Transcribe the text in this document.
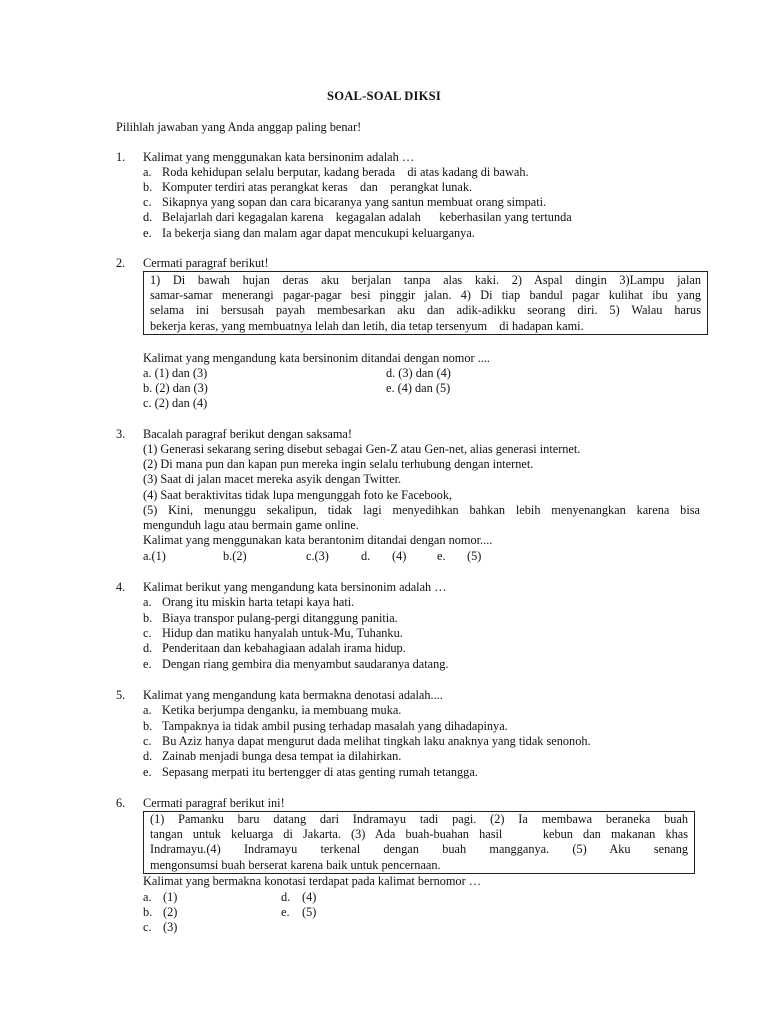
SOAL-SOAL DIKSI
Pilihlah jawaban yang Anda anggap paling benar!
1. Kalimat yang menggunakan kata bersinonim adalah …
a. Roda kehidupan selalu berputar, kadang berada    di atas kadang di bawah.
b. Komputer terdiri atas perangkat keras    dan    perangkat lunak.
c. Sikapnya yang sopan dan cara bicaranya yang santun membuat orang simpati.
d. Belajarlah dari kegagalan karena    kegagalan adalah      keberhasilan yang tertunda
e. Ia bekerja siang dan malam agar dapat mencukupi keluarganya.
2. Cermati paragraf berikut!
1) Di bawah hujan deras aku berjalan tanpa alas kaki. 2) Aspal dingin 3)Lampu jalan
samar-samar menerangi pagar-pagar besi pinggir jalan. 4) Di tiap bandul pagar kulihat ibu yang
selama ini bersusah payah membesarkan aku dan adik-adikku seorang diri. 5) Walau harus
bekerja keras, yang membuatnya lelah dan letih, dia tetap tersenyum    di hadapan kami.
Kalimat yang mengandung kata bersinonim ditandai dengan nomor ....
a. (1) dan (3)
b. (2) dan (3)
c. (2) dan (4)
d. (3) dan (4)
e. (4) dan (5)
3. Bacalah paragraf berikut dengan saksama!
(1) Generasi sekarang sering disebut sebagai Gen-Z atau Gen-net, alias generasi internet.
(2) Di mana pun dan kapan pun mereka ingin selalu terhubung dengan internet.
(3) Saat di jalan macet mereka asyik dengan Twitter.
(4) Saat beraktivitas tidak lupa mengunggah foto ke Facebook,
(5) Kini, menunggu sekalipun, tidak lagi menyedihkan bahkan lebih menyenangkan karena bisa
mengunduh lagu atau bermain game online.
Kalimat yang menggunakan kata berantonim ditandai dengan nomor....
a.(1)	b.(2)	c.(3)	d. (4) e. (5)
4. Kalimat berikut yang mengandung kata bersinonim adalah …
a. Orang itu miskin harta tetapi kaya hati.
b. Biaya transpor pulang-pergi ditanggung panitia.
c. Hidup dan matiku hanyalah untuk-Mu, Tuhanku.
d. Penderitaan dan kebahagiaan adalah irama hidup.
e. Dengan riang gembira dia menyambut saudaranya datang.
5. Kalimat yang mengandung kata bermakna denotasi adalah....
a. Ketika berjumpa denganku, ia membuang muka.
b. Tampaknya ia tidak ambil pusing terhadap masalah yang dihadapinya.
c. Bu Aziz hanya dapat mengurut dada melihat tingkah laku anaknya yang tidak senonoh.
d. Zainab menjadi bunga desa tempat ia dilahirkan.
e. Sepasang merpati itu bertengger di atas genting rumah tetangga.
6. Cermati paragraf berikut ini!
(1) Pamanku baru datang dari Indramayu tadi pagi. (2) Ia membawa beraneka buah
tangan untuk keluarga di Jakarta. (3) Ada buah-buahan hasil    kebun dan makanan khas
Indramayu.(4) Indramayu terkenal dengan buah mangganya. (5) Aku senang
mengonsumsi buah berserat karena baik untuk pencernaan.
Kalimat yang bermakna konotasi terdapat pada kalimat bernomor …
a. (1)
b. (2)
c. (3)
d. (4)
e. (5)
